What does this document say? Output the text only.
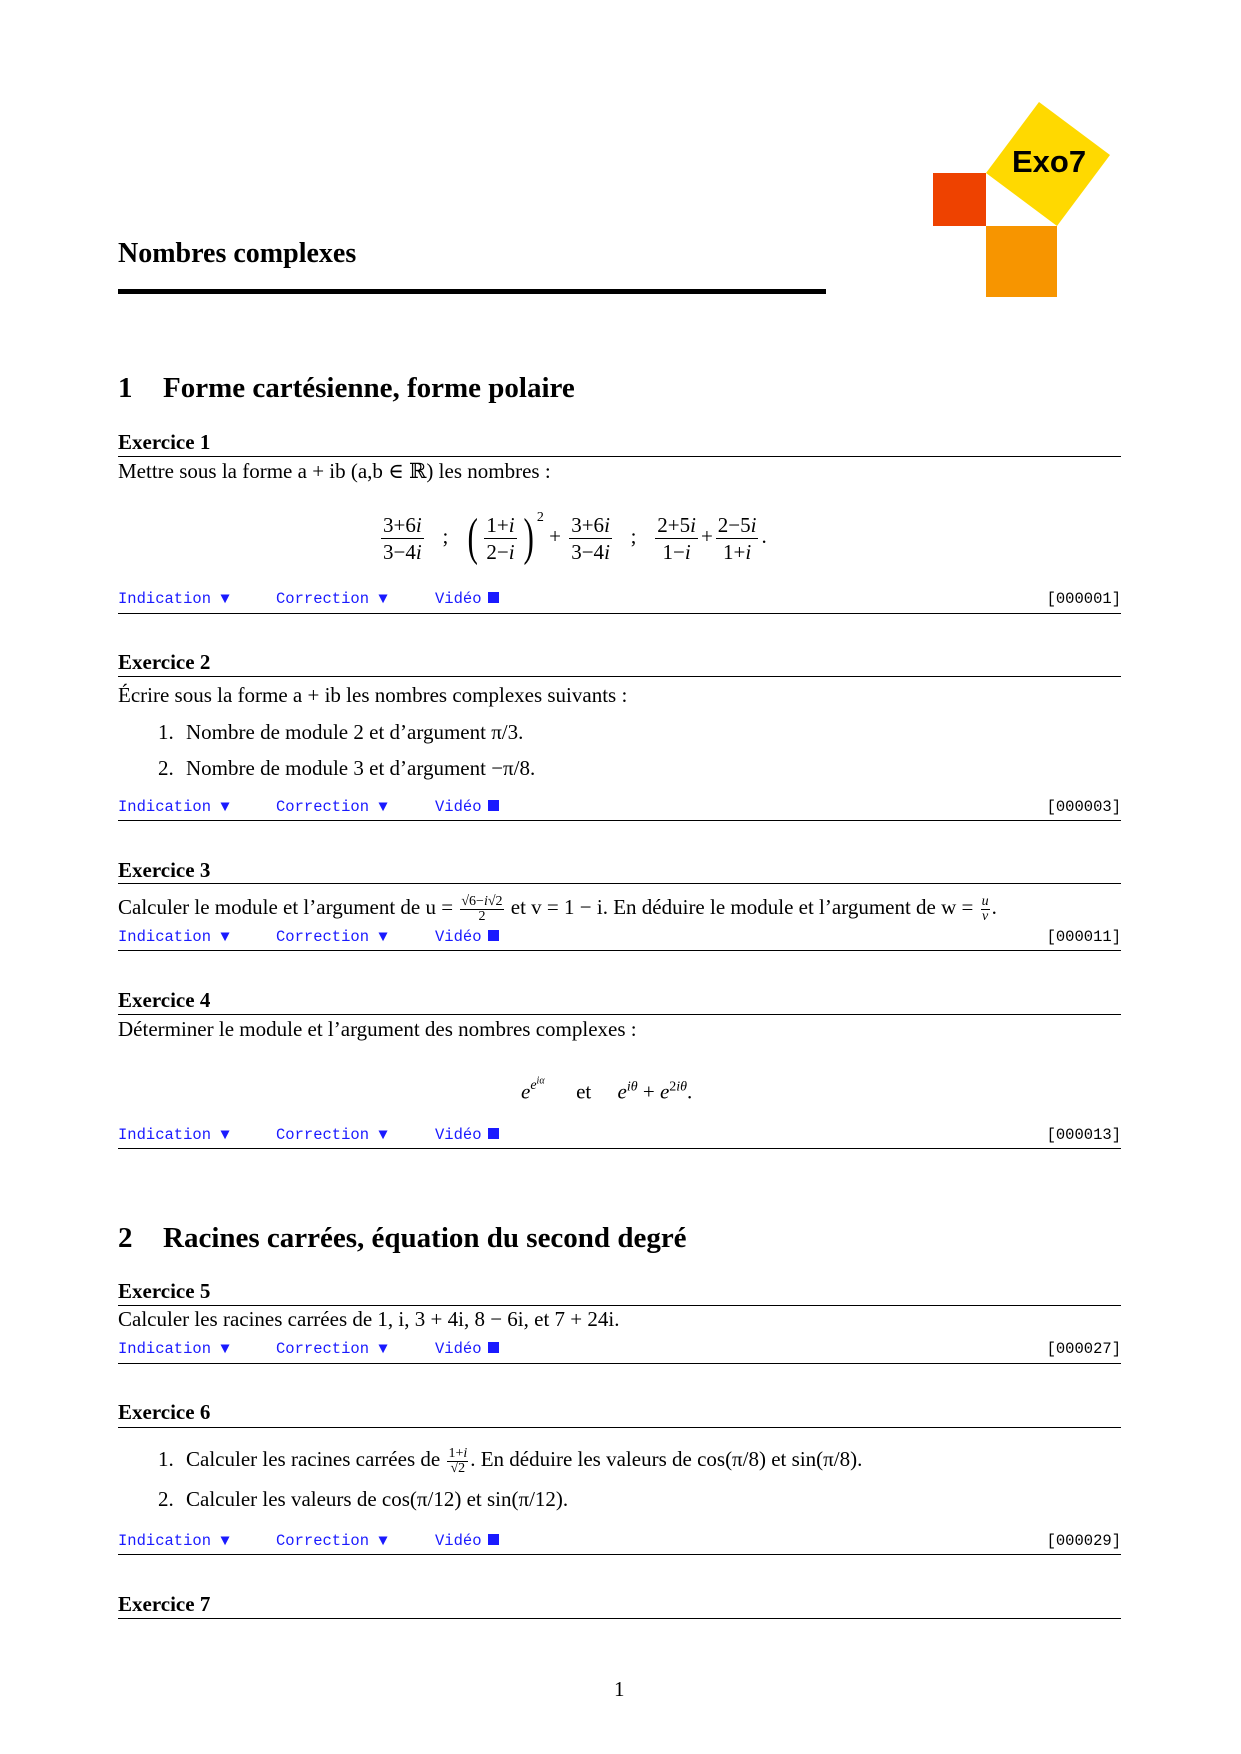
Exo7
Nombres complexes
1 Forme cartésienne, forme polaire
Exercice 1
Mettre sous la forme a + ib (a,b ∈ ℝ) les nombres :
$\frac{3+6i}{3-4i}$ ;   ( $\frac{1+i}{2-i}$ ) $^2 + \frac{3+6i}{3-4i}$ ; $\frac{2+5i}{1-i} + \frac{2-5i}{1+i}$ .
Indication ▼	Correction ▼	Vidéo	[000001]
Exercice 2
Écrire sous la forme a + ib les nombres complexes suivants :
1. Nombre de module 2 et d’argument π/3.
2. Nombre de module 3 et d’argument −π/8.
Indication ▼	Correction ▼	Vidéo	[000003]
Exercice 3
Calculer le module et l’argument de $u = \frac{√6-i√2}{2}$ et v = 1 − i. En déduire le module et l’argument de $w = \frac{u}{v}$ .
Indication ▼	Correction ▼	Vidéo	[000011]
Exercice 4
Déterminer le module et l’argument des nombres complexes :
$e^{e^{i\alpha}}$      et     $e^{i\theta} + e^{2i\theta}$.
Indication ▼	Correction ▼	Vidéo	[000013]
2 Racines carrées, équation du second degré
Exercice 5
Calculer les racines carrées de 1, i, 3 + 4i, 8 − 6i, et 7 + 24i.
Indication ▼	Correction ▼	Vidéo	[000027]
Exercice 6
1. Calculer les racines carrées de $\frac{1+i}{√2}$ . En déduire les valeurs de cos(π/8) et sin(π/8).
2. Calculer les valeurs de cos(π/12) et sin(π/12).
Indication ▼	Correction ▼	Vidéo	[000029]
Exercice 7
1
